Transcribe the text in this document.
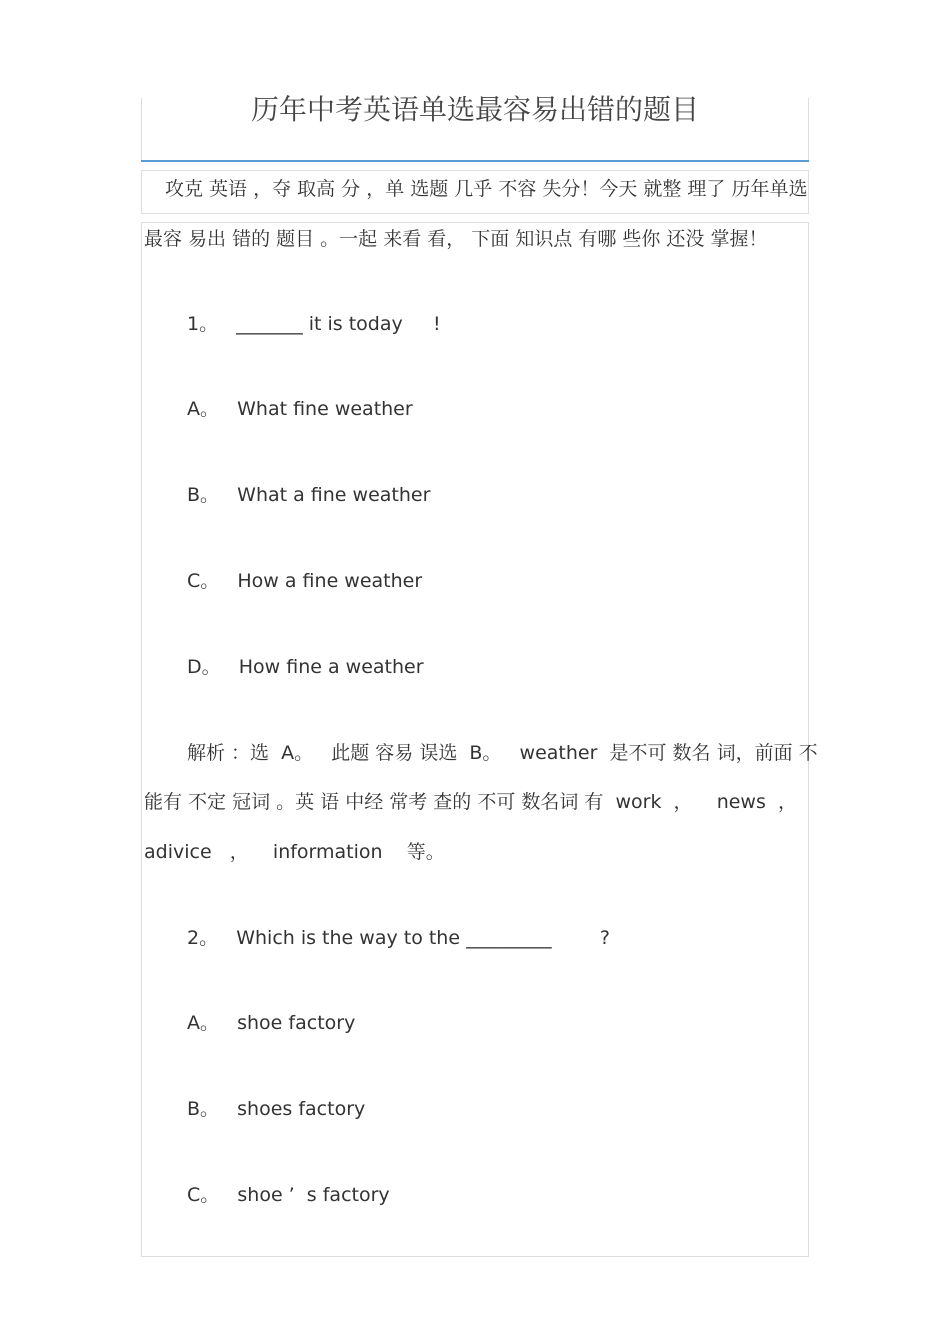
历年中考英语单选最容易出错的题目
攻克 英语 ，夺 取高 分 ，单 选题 几乎 不容 失分！今天 就整 理了 历年单选
最容 易出 错的 题目 。一起 来看 看， 下面 知识点 有哪 些你 还没 掌握！
1。   _______ it is today     !
A。   What fine weather
B。   What a fine weather
C。   How a fine weather
D。   How fine a weather
解析 ：选  A。   此题 容易 误选  B。   weather  是不可 数名 词，前面 不
能有 不定 冠词 。英 语 中经 常考 查的 不可 数名词 有  work  ，    news  ，
adivice   ，    information    等。
2。   Which is the way to the _________        ?
A。   shoe factory
B。   shoes factory
C。   shoe ’  s factory
